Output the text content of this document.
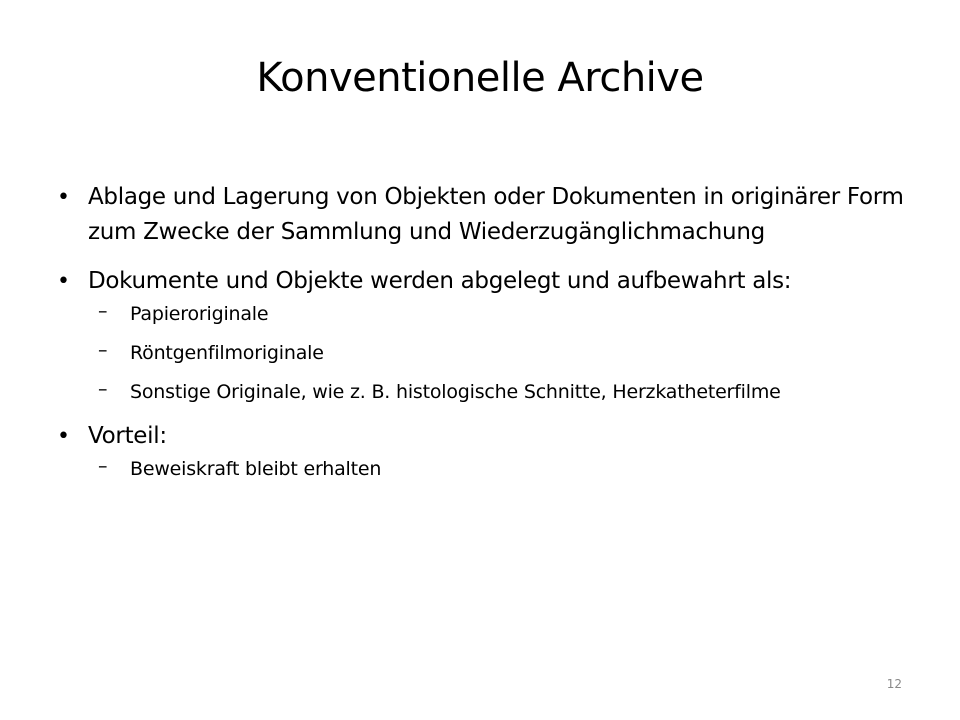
Konventionelle Archive
• Ablage und Lagerung von Objekten oder Dokumenten in originärer Form zum Zwecke der Sammlung und Wiederzugänglichmachung
• Dokumente und Objekte werden abgelegt und aufbewahrt als:
– Papieroriginale
– Röntgenfilmoriginale
– Sonstige Originale, wie z. B. histologische Schnitte, Herzkatheterfilme
• Vorteil:
– Beweiskraft bleibt erhalten
12
